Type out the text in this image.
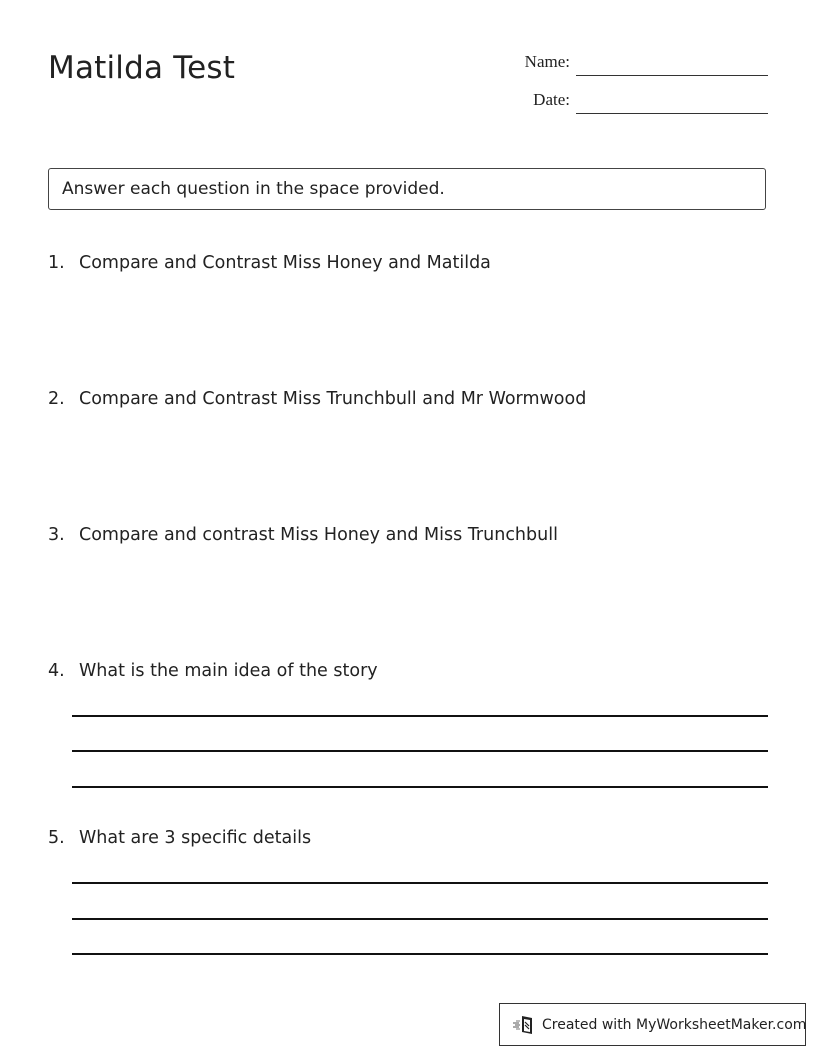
Matilda Test	Name:
Date:
Answer each question in the space provided.
1. Compare and Contrast Miss Honey and Matilda
2. Compare and Contrast Miss Trunchbull and Mr Wormwood
3. Compare and contrast Miss Honey and Miss Trunchbull
4. What is the main idea of the story
5. What are 3 specific details
Created with MyWorksheetMaker.com
